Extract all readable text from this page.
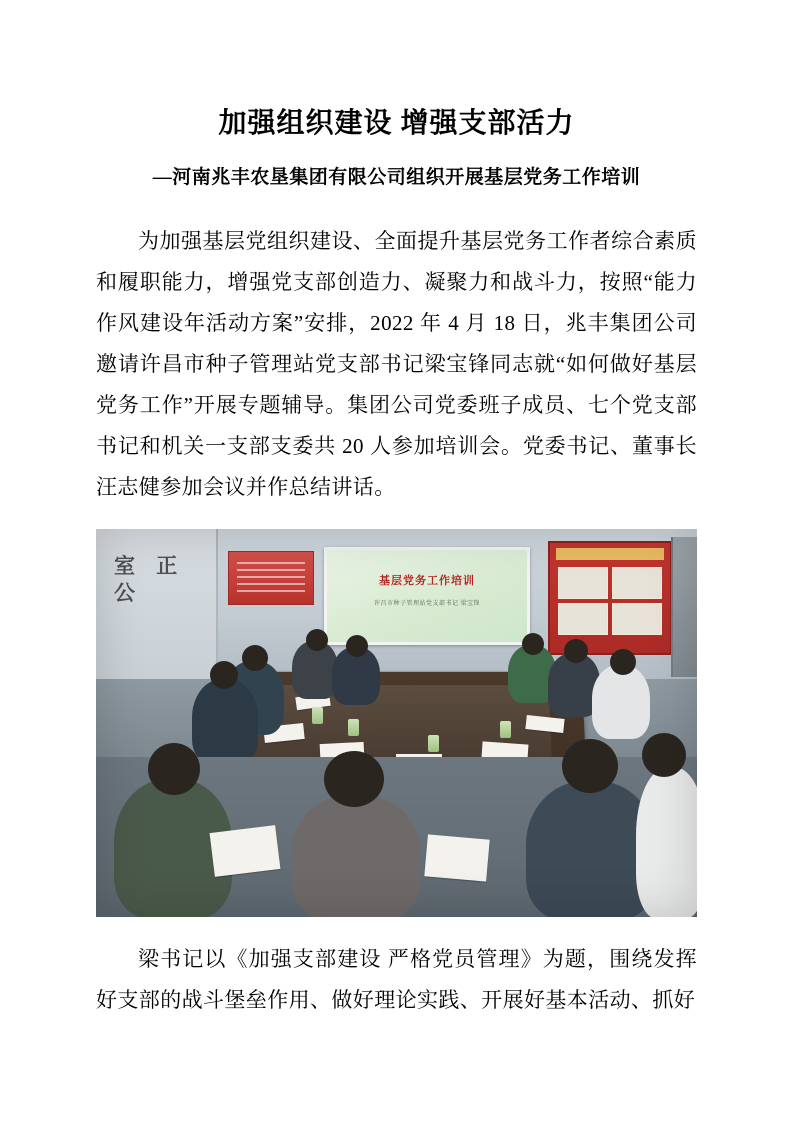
加强组织建设 增强支部活力
—河南兆丰农垦集团有限公司组织开展基层党务工作培训

为加强基层党组织建设、全面提升基层党务工作者综合素质和履职能力，增强党支部创造力、凝聚力和战斗力，按照“能力作风建设年活动方案”安排，2022 年 4 月 18 日，兆丰集团公司邀请许昌市种子管理站党支部书记梁宝锋同志就“如何做好基层党务工作”开展专题辅导。集团公司党委班子成员、七个党支部书记和机关一支部支委共 20 人参加培训会。党委书记、董事长汪志健参加会议并作总结讲话。

室 正公	基层党务工作培训
许昌市种子管理站党支部书记 梁宝锋

梁书记以《加强支部建设 严格党员管理》为题，围绕发挥好支部的战斗堡垒作用、做好理论实践、开展好基本活动、抓好
